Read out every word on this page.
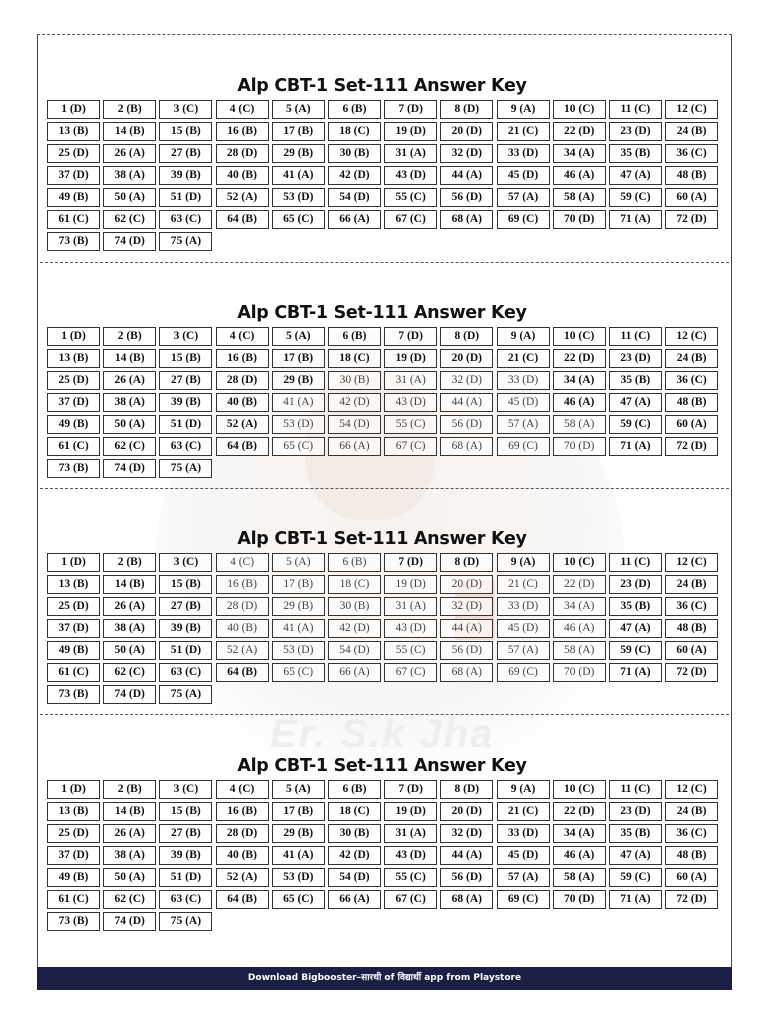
Er. S.k Jha
Alp CBT-1 Set-111 Answer Key
1 (D)	2 (B)	3 (C)	4 (C)	5 (A)	6 (B)	7 (D)	8 (D)	9 (A)	10 (C)	11 (C)	12 (C)
13 (B)	14 (B)	15 (B)	16 (B)	17 (B)	18 (C)	19 (D)	20 (D)	21 (C)	22 (D)	23 (D)	24 (B)
25 (D)	26 (A)	27 (B)	28 (D)	29 (B)	30 (B)	31 (A)	32 (D)	33 (D)	34 (A)	35 (B)	36 (C)
37 (D)	38 (A)	39 (B)	40 (B)	41 (A)	42 (D)	43 (D)	44 (A)	45 (D)	46 (A)	47 (A)	48 (B)
49 (B)	50 (A)	51 (D)	52 (A)	53 (D)	54 (D)	55 (C)	56 (D)	57 (A)	58 (A)	59 (C)	60 (A)
61 (C)	62 (C)	63 (C)	64 (B)	65 (C)	66 (A)	67 (C)	68 (A)	69 (C)	70 (D)	71 (A)	72 (D)
73 (B)	74 (D)	75 (A)
Alp CBT-1 Set-111 Answer Key
1 (D)	2 (B)	3 (C)	4 (C)	5 (A)	6 (B)	7 (D)	8 (D)	9 (A)	10 (C)	11 (C)	12 (C)
13 (B)	14 (B)	15 (B)	16 (B)	17 (B)	18 (C)	19 (D)	20 (D)	21 (C)	22 (D)	23 (D)	24 (B)
25 (D)	26 (A)	27 (B)	28 (D)	29 (B)	30 (B)	31 (A)	32 (D)	33 (D)	34 (A)	35 (B)	36 (C)
37 (D)	38 (A)	39 (B)	40 (B)	41 (A)	42 (D)	43 (D)	44 (A)	45 (D)	46 (A)	47 (A)	48 (B)
49 (B)	50 (A)	51 (D)	52 (A)	53 (D)	54 (D)	55 (C)	56 (D)	57 (A)	58 (A)	59 (C)	60 (A)
61 (C)	62 (C)	63 (C)	64 (B)	65 (C)	66 (A)	67 (C)	68 (A)	69 (C)	70 (D)	71 (A)	72 (D)
73 (B)	74 (D)	75 (A)
Alp CBT-1 Set-111 Answer Key
1 (D)	2 (B)	3 (C)	4 (C)	5 (A)	6 (B)	7 (D)	8 (D)	9 (A)	10 (C)	11 (C)	12 (C)
13 (B)	14 (B)	15 (B)	16 (B)	17 (B)	18 (C)	19 (D)	20 (D)	21 (C)	22 (D)	23 (D)	24 (B)
25 (D)	26 (A)	27 (B)	28 (D)	29 (B)	30 (B)	31 (A)	32 (D)	33 (D)	34 (A)	35 (B)	36 (C)
37 (D)	38 (A)	39 (B)	40 (B)	41 (A)	42 (D)	43 (D)	44 (A)	45 (D)	46 (A)	47 (A)	48 (B)
49 (B)	50 (A)	51 (D)	52 (A)	53 (D)	54 (D)	55 (C)	56 (D)	57 (A)	58 (A)	59 (C)	60 (A)
61 (C)	62 (C)	63 (C)	64 (B)	65 (C)	66 (A)	67 (C)	68 (A)	69 (C)	70 (D)	71 (A)	72 (D)
73 (B)	74 (D)	75 (A)
Alp CBT-1 Set-111 Answer Key
1 (D)	2 (B)	3 (C)	4 (C)	5 (A)	6 (B)	7 (D)	8 (D)	9 (A)	10 (C)	11 (C)	12 (C)
13 (B)	14 (B)	15 (B)	16 (B)	17 (B)	18 (C)	19 (D)	20 (D)	21 (C)	22 (D)	23 (D)	24 (B)
25 (D)	26 (A)	27 (B)	28 (D)	29 (B)	30 (B)	31 (A)	32 (D)	33 (D)	34 (A)	35 (B)	36 (C)
37 (D)	38 (A)	39 (B)	40 (B)	41 (A)	42 (D)	43 (D)	44 (A)	45 (D)	46 (A)	47 (A)	48 (B)
49 (B)	50 (A)	51 (D)	52 (A)	53 (D)	54 (D)	55 (C)	56 (D)	57 (A)	58 (A)	59 (C)	60 (A)
61 (C)	62 (C)	63 (C)	64 (B)	65 (C)	66 (A)	67 (C)	68 (A)	69 (C)	70 (D)	71 (A)	72 (D)
73 (B)	74 (D)	75 (A)
Download Bigbooster–सारथी of विद्यार्थी app from Playstore
